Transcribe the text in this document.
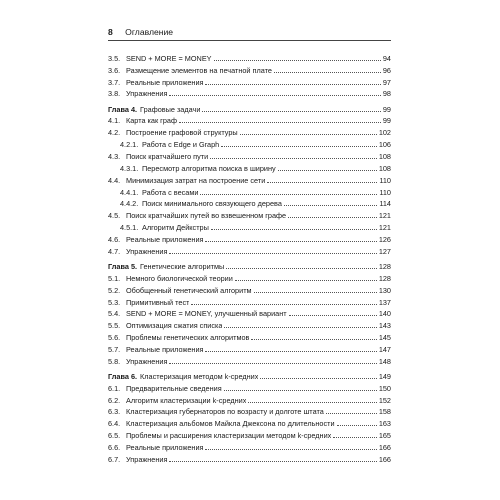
8 Оглавление
3.5. SEND + MORE = MONEY	94
3.6. Размещение элементов на печатной плате	96
3.7. Реальные приложения	97
3.8. Упражнения	98
Глава 4. Графовые задачи	99
4.1. Карта как граф	99
4.2. Построение графовой структуры	102
4.2.1. Работа с Edge и Graph	106
4.3. Поиск кратчайшего пути	108
4.3.1. Пересмотр алгоритма поиска в ширину	108
4.4. Минимизация затрат на построение сети	110
4.4.1. Работа с весами	110
4.4.2. Поиск минимального связующего дерева	114
4.5. Поиск кратчайших путей во взвешенном графе	121
4.5.1. Алгоритм Дейкстры	121
4.6. Реальные приложения	126
4.7. Упражнения	127
Глава 5. Генетические алгоритмы	128
5.1. Немного биологической теории	128
5.2. Обобщенный генетический алгоритм	130
5.3. Примитивный тест	137
5.4. SEND + MORE = MONEY, улучшенный вариант	140
5.5. Оптимизация сжатия списка	143
5.6. Проблемы генетических алгоритмов	145
5.7. Реальные приложения	147
5.8. Упражнения	148
Глава 6. Кластеризация методом k-средних	149
6.1. Предварительные сведения	150
6.2. Алгоритм кластеризации k-средних	152
6.3. Кластеризация губернаторов по возрасту и долготе штата	158
6.4. Кластеризация альбомов Майкла Джексона по длительности	163
6.5. Проблемы и расширения кластеризации методом k-средних	165
6.6. Реальные приложения	166
6.7. Упражнения	166
